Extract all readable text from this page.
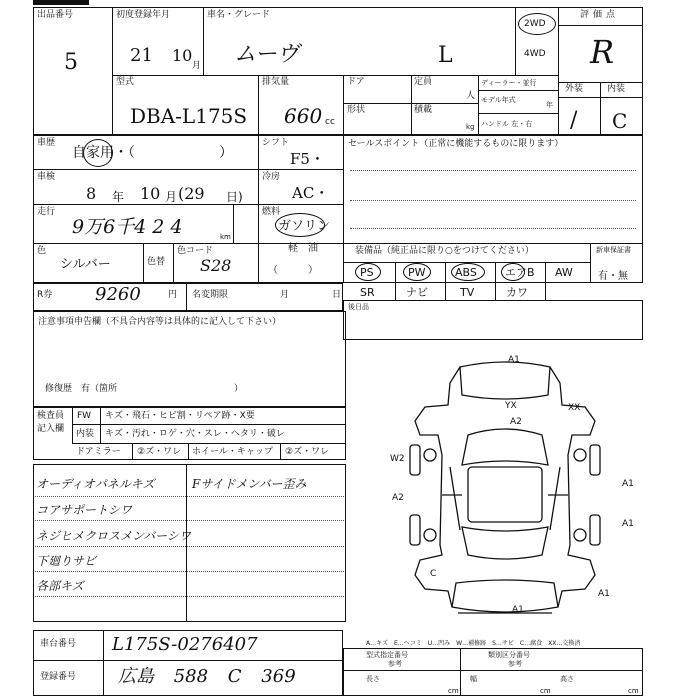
出品番号
5
初度登録年月
21 10
月
車名・グレード
ムーヴ	L
2WD
4WD
評価点
R
型式
DBA-L175S
排気量
660 cc
ドア	定員
人
形状	積載
kg
ディーラー・並行
モデル年式
年
ハンドル 左・右
外装	内装
/ C
車歴
自家用・（　　　　　　）
シフト
F5・
セールスポイント（正常に機能するものに限ります）
車検
8 年 10 月 (29 日)
冷房
AC・
走行
9万6千4 2 4	km
燃料
ガソリン
軽　油
（　　　）
色
シルバー	色替
色コード
S28
装備品（純正品に限り○をつけてください）	新車保証書
有・無
PS	PW	ABS	エアB AW
SR	ナビ	TV	カワ
R券 9260	円 名変期限	月	日
後日品
注意事項申告欄（不具合内容等は具体的に記入して下さい）
修復歴　有（箇所　　　　　　　　　　　　　）
検査員
記入欄
FW キズ・飛石・ヒビ割・リペア跡・X要
内装 キズ・汚れ・ロゲ・穴・スレ・ヘタリ・破レ
ドアミラー ②ズ・ワレ ホイール・キャップ ②ズ・ワレ
オーディオパネルキズ
コアサポートシワ
ネジヒメクロスメンバーシワ
下廻りサビ
各部キズ
Fサイドメンバー歪み
A1
YX
A2
XX
W2
A2
A1
A1
C
A1
A1
車台番号 L175S-0276407
登録番号 広島 588 C 369
A…キズ　E…ヘコミ　U…凹み　W…補修跡　S…サビ　C…腐食　XX…交換済
型式指定番号
参考
類別区分番号
参考
長さ	幅	高さ
cm	cm	cm
